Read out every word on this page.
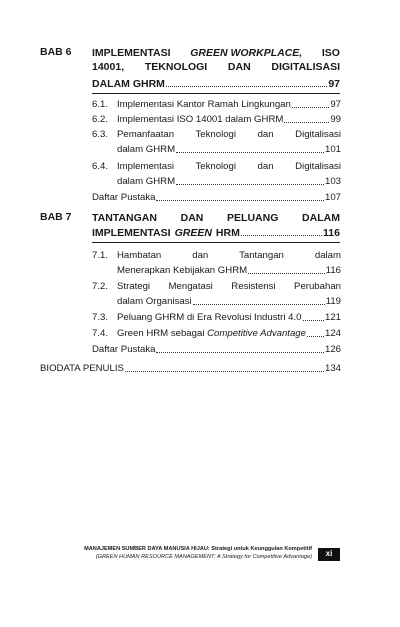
BAB 6 IMPLEMENTASI GREEN WORKPLACE, ISO
14001, TEKNOLOGI DAN DIGITALISASI
DALAM GHRM	97
6.1. Implementasi Kantor Ramah Lingkungan	97
6.2. Implementasi ISO 14001 dalam GHRM	99
6.3. Pemanfaatan Teknologi dan Digitalisasi
dalam GHRM	101
6.4. Implementasi Teknologi dan Digitalisasi
dalam GHRM	103
Daftar Pustaka	107
BAB 7 TANTANGAN DAN PELUANG DALAM
IMPLEMENTASI GREEN HRM	116
7.1. Hambatan dan Tantangan dalam
Menerapkan Kebijakan GHRM	116
7.2. Strategi Mengatasi Resistensi Perubahan
dalam Organisasi	119
7.3. Peluang GHRM di Era Revolusi Industri 4.0 121
7.4. Green HRM sebagai Competitive Advantage 124
Daftar Pustaka	126
BIODATA PENULIS	134
MANAJEMEN SUMBER DAYA MANUSIA HIJAU: Strategi untuk Keunggulan Kompetitif
(GREEN HUMAN RESOURCE MANAGEMENT: A Strategy for Competitive Advantage)	xi
